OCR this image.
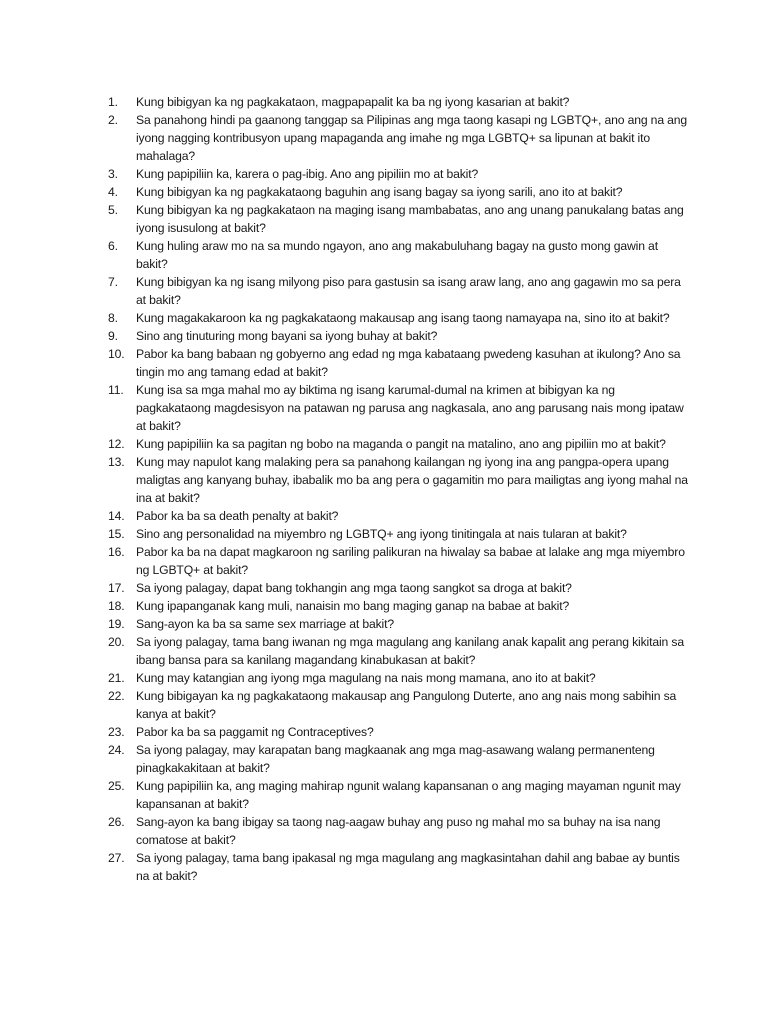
1.	Kung bibigyan ka ng pagkakataon, magpapapalit ka ba ng iyong kasarian at bakit?
2.	Sa panahong hindi pa gaanong tanggap sa Pilipinas ang mga taong kasapi ng LGBTQ+, ano ang na ang iyong nagging kontribusyon upang mapaganda ang imahe ng mga LGBTQ+ sa lipunan at bakit ito mahalaga?
3.	Kung papipiliin ka, karera o pag-ibig. Ano ang pipiliin mo at bakit?
4.	Kung bibigyan ka ng pagkakataong baguhin ang isang bagay sa iyong sarili, ano ito at bakit?
5.	Kung bibigyan ka ng pagkakataon na maging isang mambabatas, ano ang unang panukalang batas ang iyong isusulong at bakit?
6.	Kung huling araw mo na sa mundo ngayon, ano ang makabuluhang bagay na gusto mong gawin at bakit?
7.	Kung bibigyan ka ng isang milyong piso para gastusin sa isang araw lang, ano ang gagawin mo sa pera at bakit?
8.	Kung magakakaroon ka ng pagkakataong makausap ang isang taong namayapa na, sino ito at bakit?
9.	Sino ang tinuturing mong bayani sa iyong buhay at bakit?
10. Pabor ka bang babaan ng gobyerno ang edad ng mga kabataang pwedeng kasuhan at ikulong? Ano sa tingin mo ang tamang edad at bakit?
11.	Kung isa sa mga mahal mo ay biktima ng isang karumal-dumal na krimen at bibigyan ka ng pagkakataong magdesisyon na patawan ng parusa ang nagkasala, ano ang parusang nais mong ipataw at bakit?
12. Kung papipiliin ka sa pagitan ng bobo na maganda o pangit na matalino, ano ang pipiliin mo at bakit?
13. Kung may napulot kang malaking pera sa panahong kailangan ng iyong ina ang pangpa-opera upang maligtas ang kanyang buhay, ibabalik mo ba ang pera o gagamitin mo para mailigtas ang iyong mahal na ina at bakit?
14. Pabor ka ba sa death penalty at bakit?
15. Sino ang personalidad na miyembro ng LGBTQ+ ang iyong tinitingala at nais tularan at bakit?
16. Pabor ka ba na dapat magkaroon ng sariling palikuran na hiwalay sa babae at lalake ang mga miyembro ng LGBTQ+ at bakit?
17. Sa iyong palagay, dapat bang tokhangin ang mga taong sangkot sa droga at bakit?
18. Kung ipapanganak kang muli, nanaisin mo bang maging ganap na babae at bakit?
19. Sang-ayon ka ba sa same sex marriage at bakit?
20. Sa iyong palagay, tama bang iwanan ng mga magulang ang kanilang anak kapalit ang perang kikitain sa ibang bansa para sa kanilang magandang kinabukasan at bakit?
21. Kung may katangian ang iyong mga magulang na nais mong mamana, ano ito at bakit?
22. Kung bibigayan ka ng pagkakataong makausap ang Pangulong Duterte, ano ang nais mong sabihin sa kanya at bakit?
23. Pabor ka ba sa paggamit ng Contraceptives?
24. Sa iyong palagay, may karapatan bang magkaanak ang mga mag-asawang walang permanenteng pinagkakakitaan at bakit?
25. Kung papipiliin ka, ang maging mahirap ngunit walang kapansanan o ang maging mayaman ngunit may kapansanan at bakit?
26. Sang-ayon ka bang ibigay sa taong nag-aagaw buhay ang puso ng mahal mo sa buhay na isa nang comatose at bakit?
27. Sa iyong palagay, tama bang ipakasal ng mga magulang ang magkasintahan dahil ang babae ay buntis na at bakit?
